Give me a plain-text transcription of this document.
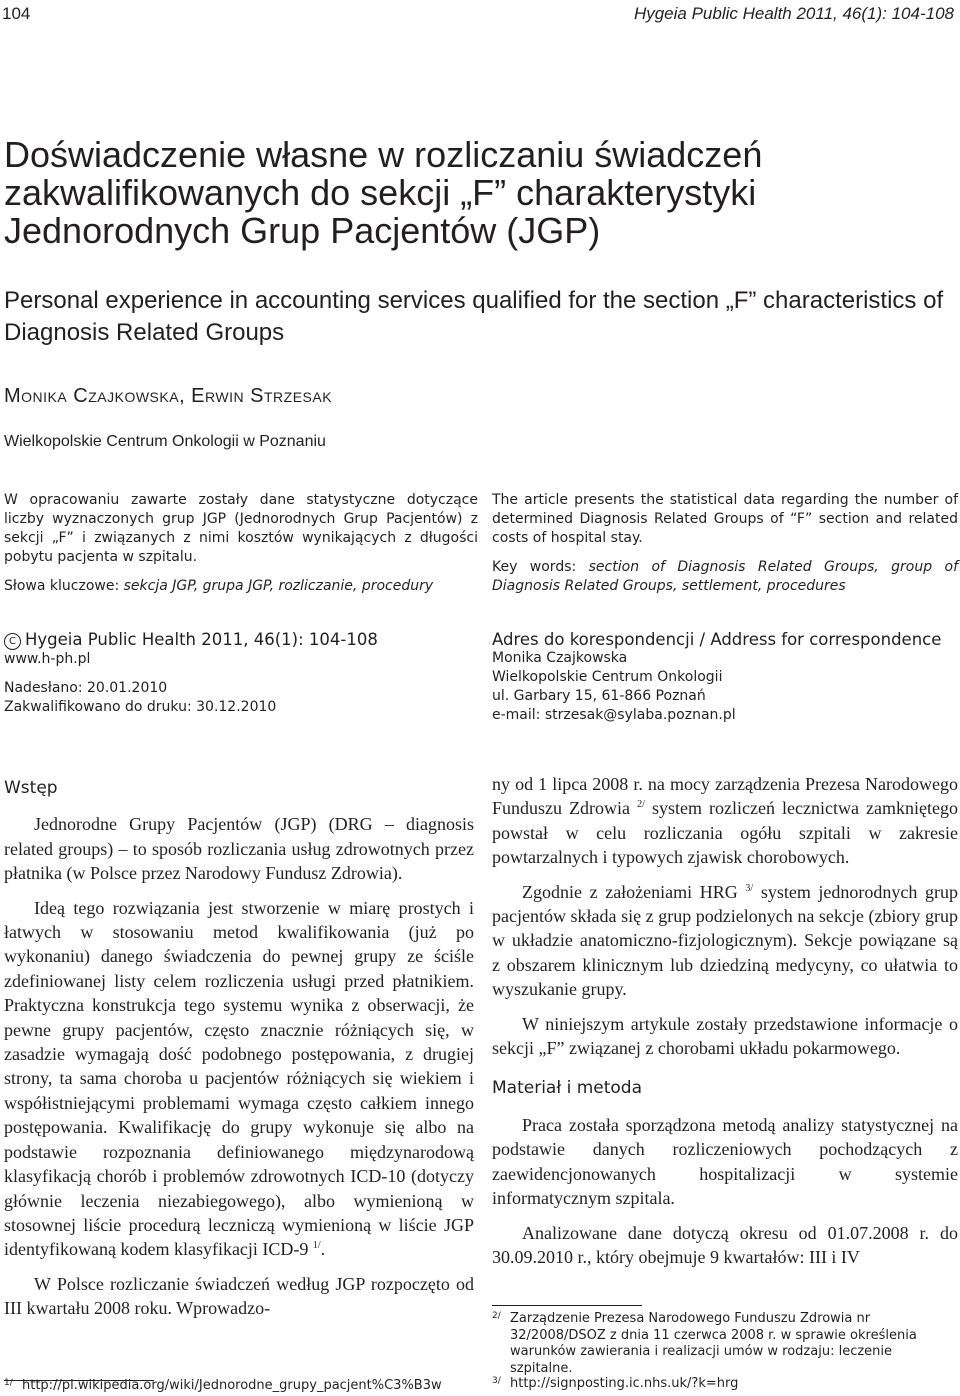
104	Hygeia Public Health 2011, 46(1): 104-108
Doświadczenie własne w rozliczaniu świadczeń zakwalifikowanych do sekcji „F” charakterystyki Jednorodnych Grup Pacjentów (JGP)
Personal experience in accounting services qualified for the section „F” characteristics of Diagnosis Related Groups
Monika Czajkowska, Erwin Strzesak
Wielkopolskie Centrum Onkologii w Poznaniu
W opracowaniu zawarte zostały dane statystyczne dotyczące liczby wyznaczonych grup JGP (Jednorodnych Grup Pacjentów) z sekcji „F” i związanych z nimi kosztów wynikających z długości pobytu pacjenta w szpitalu.
Słowa kluczowe: sekcja JGP, grupa JGP, rozliczanie, procedury
The article presents the statistical data regarding the number of determined Diagnosis Related Groups of “F” section and related costs of hospital stay.
Key words: section of Diagnosis Related Groups, group of Diagnosis Related Groups, settlement, procedures
C Hygeia Public Health 2011, 46(1): 104-108
www.h-ph.pl
Nadesłano: 20.01.2010
Zakwalifikowano do druku: 30.12.2010
Adres do korespondencji / Address for correspondence
Monika Czajkowska
Wielkopolskie Centrum Onkologii
ul. Garbary 15, 61-866 Poznań
e-mail: strzesak@sylaba.poznan.pl
Wstęp

Jednorodne Grupy Pacjentów (JGP) (DRG – diagnosis related groups) – to sposób rozliczania usług zdrowotnych przez płatnika (w Polsce przez Narodowy Fundusz Zdrowia).

Ideą tego rozwiązania jest stworzenie w miarę prostych i łatwych w stosowaniu metod kwalifikowania (już po wykonaniu) danego świadczenia do pewnej grupy ze ściśle zdefiniowanej listy celem rozliczenia usługi przed płatnikiem. Praktyczna konstrukcja tego systemu wynika z obserwacji, że pewne grupy pacjentów, często znacznie różniących się, w zasadzie wymagają dość podobnego postępowania, z drugiej strony, ta sama choroba u pacjentów różniących się wiekiem i współistniejącymi problemami wymaga często całkiem innego postępowania. Kwalifikację do grupy wykonuje się albo na podstawie rozpoznania definiowanego międzynarodową klasyfikacją chorób i problemów zdrowotnych ICD-10 (dotyczy głównie leczenia niezabiegowego), albo wymienioną w stosownej liście procedurą leczniczą wymienioną w liście JGP identyfikowaną kodem klasyfikacji ICD-9 $^{1/}$.

W Polsce rozliczanie świadczeń według JGP rozpoczęto od III kwartału 2008 roku. Wprowadzo-

1/ http://pl.wikipedia.org/wiki/Jednorodne_grupy_pacjent%C3%B3w

ny od 1 lipca 2008 r. na mocy zarządzenia Prezesa Narodowego Funduszu Zdrowia $^{2/}$ system rozliczeń lecznictwa zamkniętego powstał w celu rozliczania ogółu szpitali w zakresie powtarzalnych i typowych zjawisk chorobowych.

Zgodnie z założeniami HRG $^{3/}$ system jednorodnych grup pacjentów składa się z grup podzielonych na sekcje (zbiory grup w układzie anatomiczno-fizjologicznym). Sekcje powiązane są z obszarem klinicznym lub dziedziną medycyny, co ułatwia to wyszukanie grupy.

W niniejszym artykule zostały przedstawione informacje o sekcji „F” związanej z chorobami układu pokarmowego.

Materiał i metoda

Praca została sporządzona metodą analizy statystycznej na podstawie danych rozliczeniowych pochodzących z zaewidencjonowanych hospitalizacji w systemie informatycznym szpitala.

Analizowane dane dotyczą okresu od 01.07.2008 r. do 30.09.2010 r., który obejmuje 9 kwartałów: III i IV

2/ Zarządzenie Prezesa Narodowego Funduszu Zdrowia nr 32/2008/DSOZ z dnia 11 czerwca 2008 r. w sprawie określenia warunków zawierania i realizacji umów w rodzaju: leczenie szpitalne.
3/ http://signposting.ic.nhs.uk/?k=hrg
